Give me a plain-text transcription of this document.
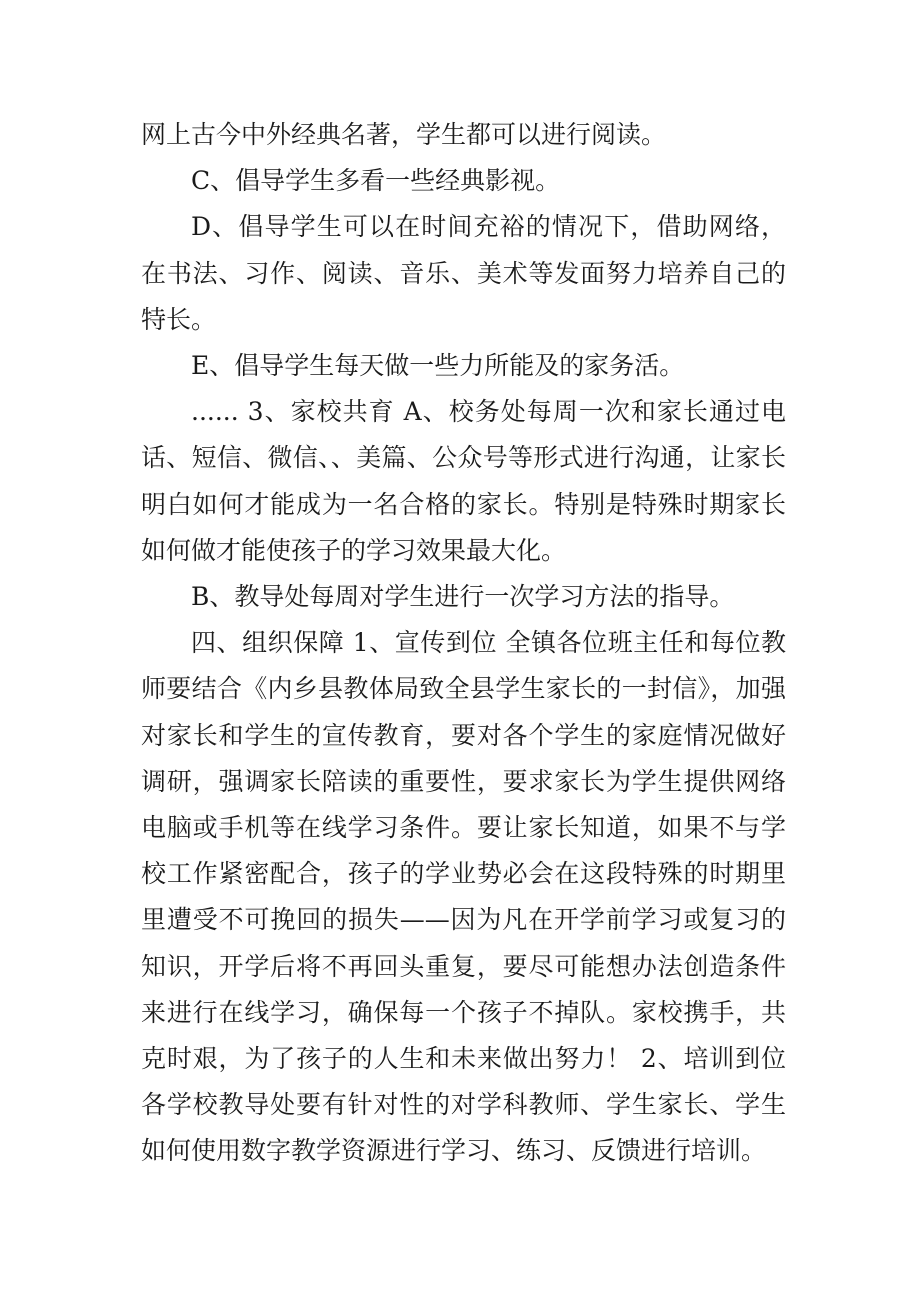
网上古今中外经典名著，学生都可以进行阅读。

C、倡导学生多看一些经典影视。

D、倡导学生可以在时间充裕的情况下，借助网络，在书法、习作、阅读、音乐、美术等发面努力培养自己的特长。

E、倡导学生每天做一些力所能及的家务活。

...... 3、家校共育 A、校务处每周一次和家长通过电话、短信、微信、、美篇、公众号等形式进行沟通，让家长明白如何才能成为一名合格的家长。特别是特殊时期家长如何做才能使孩子的学习效果最大化。

B、教导处每周对学生进行一次学习方法的指导。

四、组织保障 1、宣传到位 全镇各位班主任和每位教师要结合《内乡县教体局致全县学生家长的一封信》，加强对家长和学生的宣传教育，要对各个学生的家庭情况做好调研，强调家长陪读的重要性，要求家长为学生提供网络电脑或手机等在线学习条件。要让家长知道，如果不与学校工作紧密配合，孩子的学业势必会在这段特殊的时期里里遭受不可挽回的损失——因为凡在开学前学习或复习的知识，开学后将不再回头重复，要尽可能想办法创造条件来进行在线学习，确保每一个孩子不掉队。家校携手，共克时艰，为了孩子的人生和未来做出努力！ 2、培训到位 各学校教导处要有针对性的对学科教师、学生家长、学生如何使用数字教学资源进行学习、练习、反馈进行培训。
